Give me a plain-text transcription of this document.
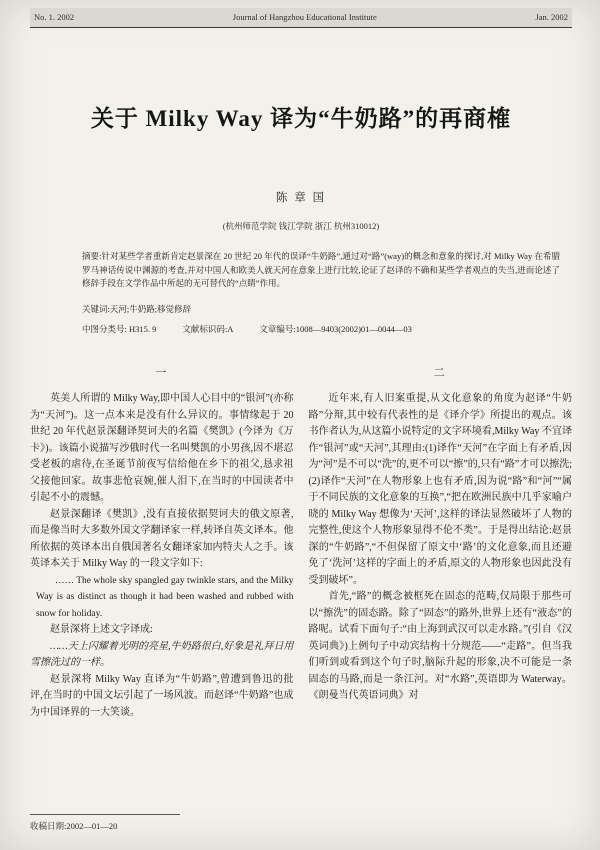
No. 1. 2002	Journal of Hangzhou Educational Institute	Jan. 2002
关于 Milky Way 译为“牛奶路”的再商榷
陈 章 国
(杭州师范学院 钱江学院 浙江 杭州310012)

摘要:针对某些学者重新肯定赵景深在 20 世纪 20 年代的误译“牛奶路”,通过对“路”(way)的概念和意象的探讨,对 Milky Way 在希腊罗马神话传说中渊源的考查,并对中国人和欧美人就天河在意象上进行比较,论证了赵译的不确和某些学者观点的失当,进而论述了修辞手段在文学作品中所起的无可替代的“点睛”作用。

关键词:天河;牛奶路;移觉修辞

中图分类号: H315. 9	文献标识码:A	文章编号:1008—9403(2002)01—0044—03

一

英美人所谓的 Milky Way,即中国人心目中的“银河”(亦称为“天河”)。这一点本来是没有什么异议的。事情缘起于 20 世纪 20 年代赵景深翻译契诃夫的名篇《樊凯》(今译为《万卡》)。该篇小说描写沙俄时代一名叫樊凯的小男孩,因不堪忍受老板的虐待,在圣诞节前夜写信给他在乡下的祖父,恳求祖父接他回家。故事悲怆哀婉,催人泪下,在当时的中国读者中引起不小的震憾。

赵景深翻译《樊凯》,没有直接依据契诃夫的俄文原著,而是像当时大多数外国文学翻译家一样,转译自英文译本。他所依据的英译本出自俄国著名女翻译家加内特夫人之手。该英译本关于 Milky Way 的一段文字如下:

…… The whole sky spangled gay twinkle stars, and the Milky Way is as distinct as though it had been washed and rubbed with snow for holiday.

赵景深将上述文字译成:

……天上闪耀着光明的亮星,牛奶路很白,好象是礼拜日用雪擦洗过的一样。

赵景深将 Milky Way 直译为“牛奶路”,曾遭到鲁迅的批评,在当时的中国文坛引起了一场风波。而赵译“牛奶路”也成为中国译界的一大笑谈。

二

近年来,有人旧案重提,从文化意象的角度为赵译“牛奶路”分辩,其中较有代表性的是《译介学》所提出的观点。该书作者认为,从这篇小说特定的文字环境看,Milky Way 不宜译作“银河”或“天河”,其理由:(1)译作“天河”在字面上有矛盾,因为“河”是不可以“洗”的,更不可以“擦”的,只有“路”才可以擦洗;(2)译作“天河”在人物形象上也有矛盾,因为说“路”和“河”“属于不同民族的文化意象的互换”,“把在欧洲民族中几乎家喻户晓的 Milky Way 想像为‘天河’,这样的译法显然破坏了人物的完整性,使这个人物形象显得不伦不类”。于是得出结论:赵景深的“牛奶路”,“不但保留了原文中‘路’的文化意象,而且还避免了‘洗河’这样的字面上的矛盾,原文的人物形象也因此没有受到破坏”。

首先,“路”的概念被框死在固态的范畴,仅局限于那些可以“擦洗”的固态路。除了“固态”的路外,世界上还有“液态”的路呢。试看下面句子:“由上海到武汉可以走水路。”(引自《汉英词典》)上例句子中动宾结构十分规范——“走路”。但当我们听到或看到这个句子时,脑际升起的形象,决不可能是一条固态的马路,而是一条江河。对“水路”,英语即为 Waterway。《朗曼当代英语词典》对

收稿日期:2002—01—20
